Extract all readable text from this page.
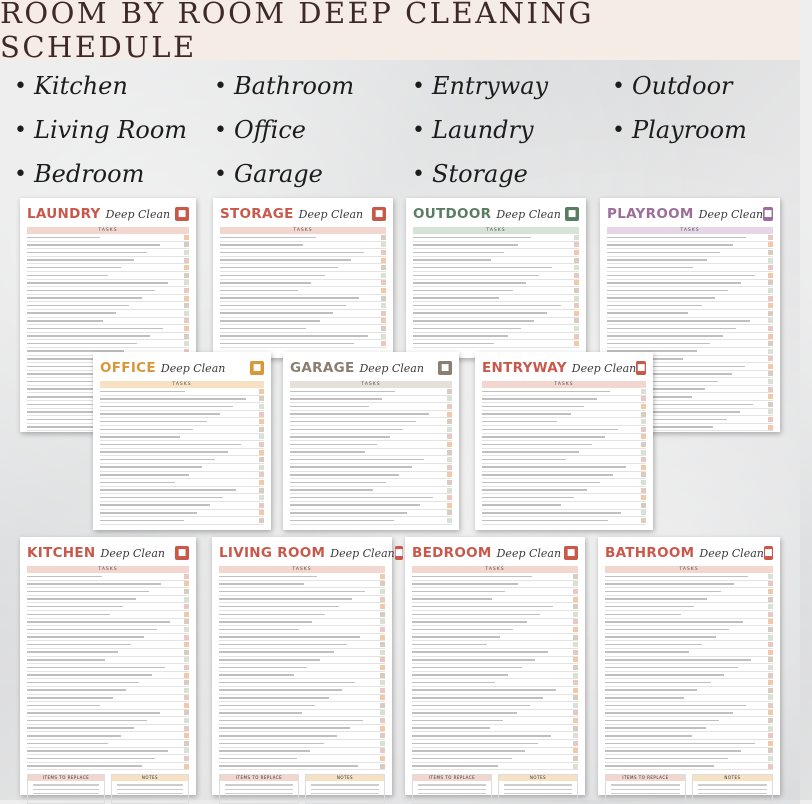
ROOM BY ROOM DEEP CLEANING SCHEDULE
• Kitchen
• Living Room
• Bedroom
• Bathroom
• Office
• Garage
• Entryway
• Laundry
• Storage
• Outdoor
• Playroom
LAUNDRY Deep Clean ■
TASKS
STORAGE Deep Clean	■
TASKS
OUTDOOR Deep Clean ■
TASKS
PLAYROOM Deep Clean ■
TASKS
OFFICE Deep Clean	■
TASKS
GARAGE Deep Clean	■
TASKS
ENTRYWAY Deep Clean ■
TASKS
KITCHEN Deep Clean	■
TASKS
ITEMS TO REPLACE	NOTES
LIVING ROOM Deep Clean ■
TASKS
ITEMS TO REPLACE	NOTES
BEDROOM Deep Clean ■
TASKS
ITEMS TO REPLACE	NOTES
BATHROOM Deep Clean ■
TASKS
ITEMS TO REPLACE	NOTES
